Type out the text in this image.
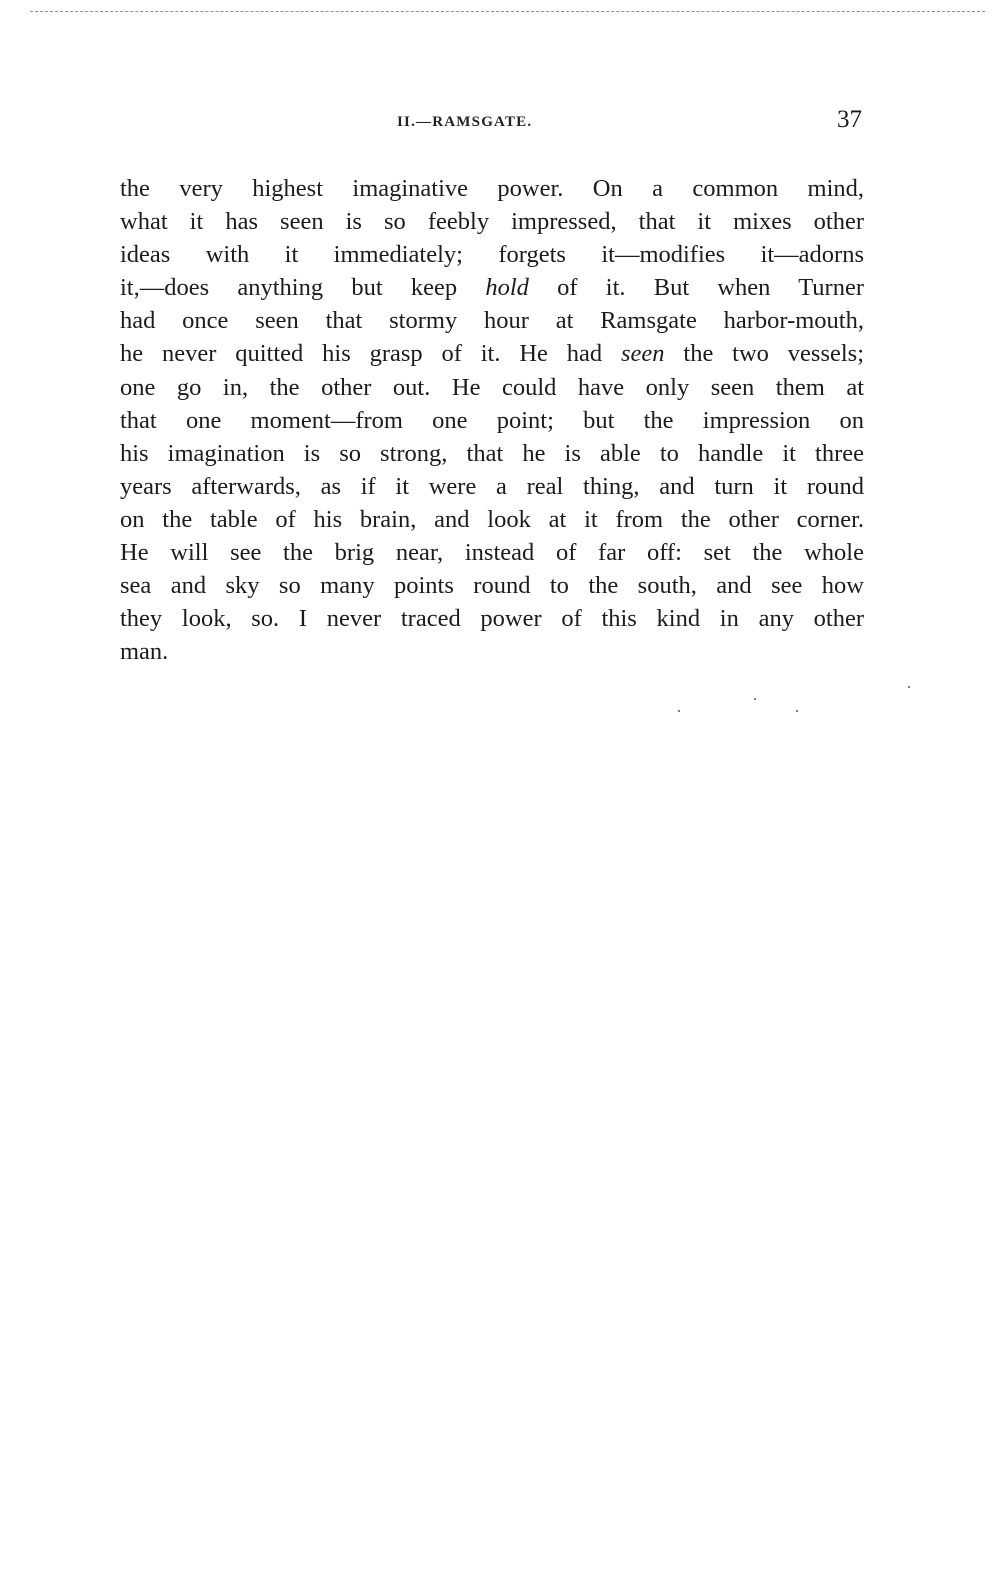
II.—RAMSGATE.	37

the very highest imaginative power. On a common mind,
what it has seen is so feebly impressed, that it mixes other
ideas with it immediately; forgets it—modifies it—adorns
it,—does anything but keep hold of it. But when Turner
had once seen that stormy hour at Ramsgate harbor-mouth,
he never quitted his grasp of it. He had seen the two vessels;
one go in, the other out. He could have only seen them at
that one moment—from one point; but the impression on
his imagination is so strong, that he is able to handle it three
years afterwards, as if it were a real thing, and turn it round
on the table of his brain, and look at it from the other corner.
He will see the brig near, instead of far off: set the whole
sea and sky so many points round to the south, and see how
they look, so. I never traced power of this kind in any other
man.
